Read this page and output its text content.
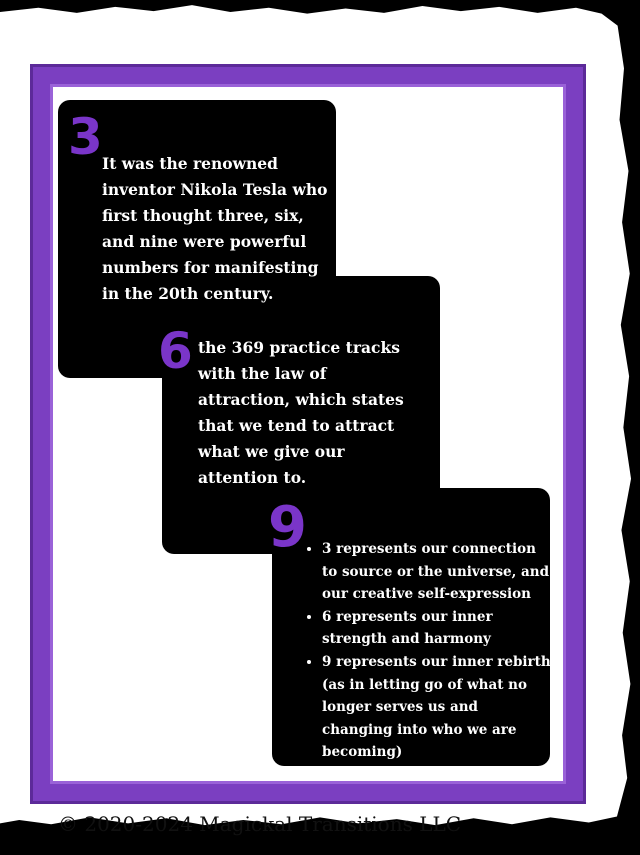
3 It was the renowned
inventor Nikola Tesla who
first thought three, six,
and nine were powerful
numbers for manifesting
in the 20th century.

6 the 369 practice tracks
with the law of
attraction, which states
that we tend to attract
what we give our
attention to.

9
• 3 represents our connection
to source or the universe, and
our creative self-expression
• 6 represents our inner
strength and harmony
• 9 represents our inner rebirth
(as in letting go of what no
longer serves us and
changing into who we are
becoming)
© 2020-2024 Magickal Transitions LLC
